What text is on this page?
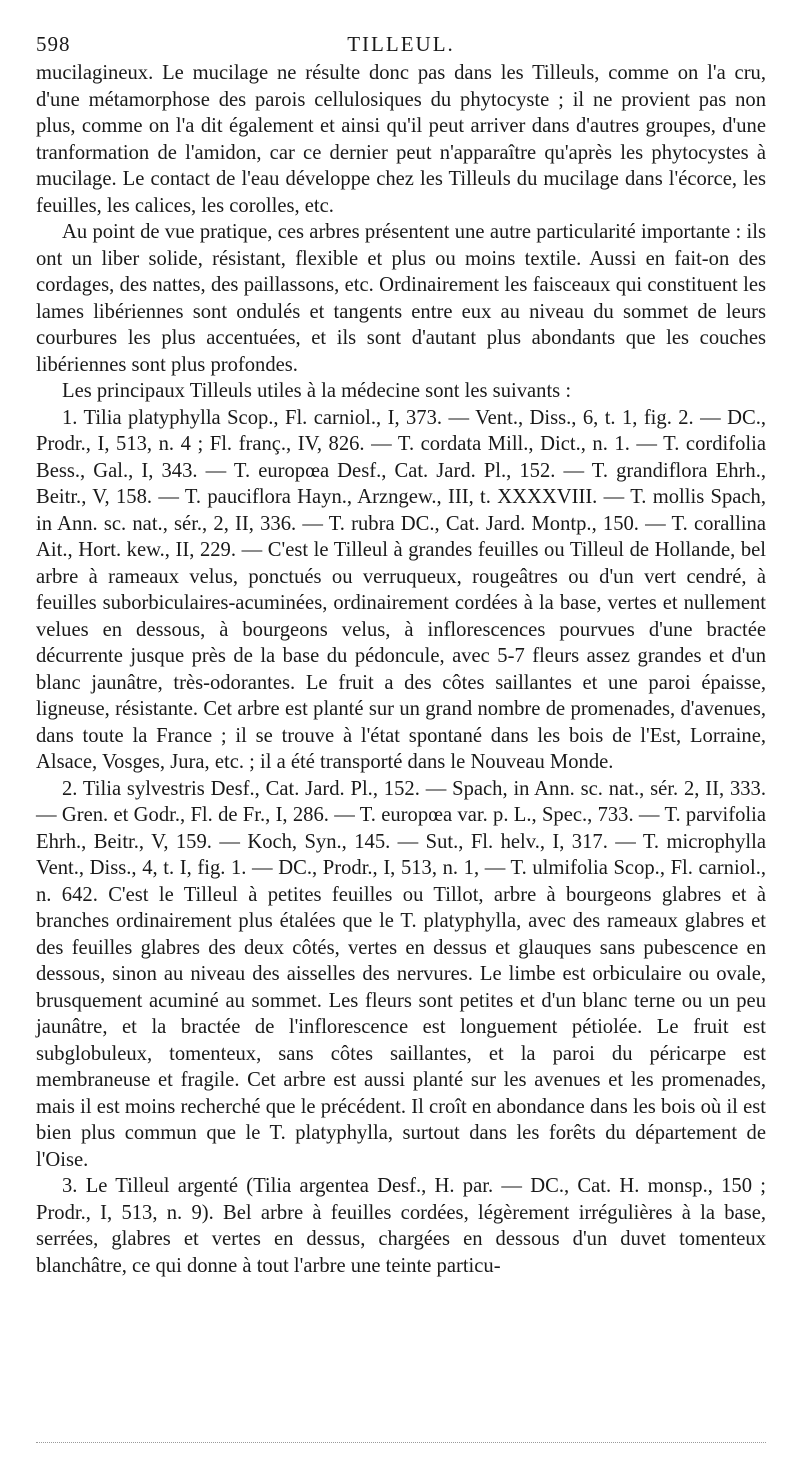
598	TILLEUL.

mucilagineux. Le mucilage ne résulte donc pas dans les Tilleuls, comme on l'a cru, d'une métamorphose des parois cellulosiques du phytocyste ; il ne provient pas non plus, comme on l'a dit également et ainsi qu'il peut arriver dans d'autres groupes, d'une tranformation de l'amidon, car ce dernier peut n'apparaître qu'après les phytocystes à mucilage. Le contact de l'eau développe chez les Tilleuls du mucilage dans l'écorce, les feuilles, les calices, les corolles, etc.

Au point de vue pratique, ces arbres présentent une autre particularité importante : ils ont un liber solide, résistant, flexible et plus ou moins textile. Aussi en fait-on des cordages, des nattes, des paillassons, etc. Ordinairement les faisceaux qui constituent les lames libériennes sont ondulés et tangents entre eux au niveau du sommet de leurs courbures les plus accentuées, et ils sont d'autant plus abondants que les couches libériennes sont plus profondes.

Les principaux Tilleuls utiles à la médecine sont les suivants :

1. Tilia platyphylla Scop., Fl. carniol., I, 373. — Vent., Diss., 6, t. 1, fig. 2. — DC., Prodr., I, 513, n. 4 ; Fl. franç., IV, 826. — T. cordata Mill., Dict., n. 1. — T. cordifolia Bess., Gal., I, 343. — T. europœa Desf., Cat. Jard. Pl., 152. — T. grandiflora Ehrh., Beitr., V, 158. — T. pauciflora Hayn., Arzngew., III, t. XXXXVIII. — T. mollis Spach, in Ann. sc. nat., sér., 2, II, 336. — T. rubra DC., Cat. Jard. Montp., 150. — T. corallina Ait., Hort. kew., II, 229. — C'est le Tilleul à grandes feuilles ou Tilleul de Hollande, bel arbre à rameaux velus, ponctués ou verruqueux, rougeâtres ou d'un vert cendré, à feuilles suborbiculaires-acuminées, ordinairement cordées à la base, vertes et nullement velues en dessous, à bourgeons velus, à inflorescences pourvues d'une bractée décurrente jusque près de la base du pédoncule, avec 5-7 fleurs assez grandes et d'un blanc jaunâtre, très-odorantes. Le fruit a des côtes saillantes et une paroi épaisse, ligneuse, résistante. Cet arbre est planté sur un grand nombre de promenades, d'avenues, dans toute la France ; il se trouve à l'état spontané dans les bois de l'Est, Lorraine, Alsace, Vosges, Jura, etc. ; il a été transporté dans le Nouveau Monde.

2. Tilia sylvestris Desf., Cat. Jard. Pl., 152. — Spach, in Ann. sc. nat., sér. 2, II, 333. — Gren. et Godr., Fl. de Fr., I, 286. — T. europœa var. p. L., Spec., 733. — T. parvifolia Ehrh., Beitr., V, 159. — Koch, Syn., 145. — Sut., Fl. helv., I, 317. — T. microphylla Vent., Diss., 4, t. I, fig. 1. — DC., Prodr., I, 513, n. 1, — T. ulmifolia Scop., Fl. carniol., n. 642. C'est le Tilleul à petites feuilles ou Tillot, arbre à bourgeons glabres et à branches ordinairement plus étalées que le T. platyphylla, avec des rameaux glabres et des feuilles glabres des deux côtés, vertes en dessus et glauques sans pubescence en dessous, sinon au niveau des aisselles des nervures. Le limbe est orbiculaire ou ovale, brusquement acuminé au sommet. Les fleurs sont petites et d'un blanc terne ou un peu jaunâtre, et la bractée de l'inflorescence est longuement pétiolée. Le fruit est subglobuleux, tomenteux, sans côtes saillantes, et la paroi du péricarpe est membraneuse et fragile. Cet arbre est aussi planté sur les avenues et les promenades, mais il est moins recherché que le précédent. Il croît en abondance dans les bois où il est bien plus commun que le T. platyphylla, surtout dans les forêts du département de l'Oise.

3. Le Tilleul argenté (Tilia argentea Desf., H. par. — DC., Cat. H. monsp., 150 ; Prodr., I, 513, n. 9). Bel arbre à feuilles cordées, légèrement irrégulières à la base, serrées, glabres et vertes en dessus, chargées en dessous d'un duvet tomenteux blanchâtre, ce qui donne à tout l'arbre une teinte particu-
